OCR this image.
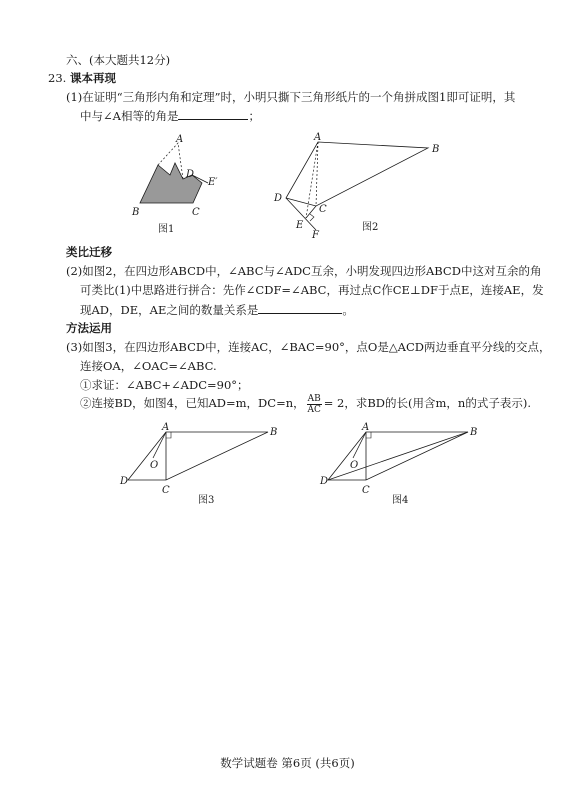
六、(本大题共12分)
23. 课本再现
(1)在证明“三角形内角和定理”时，小明只撕下三角形纸片的一个角拼成图1即可证明，其
中与∠A相等的角是	；
A
D
E′
B	C
图1
A
B
C
D
E
F
图2
类比迁移
(2)如图2，在四边形ABCD中，∠ABC与∠ADC互余，小明发现四边形ABCD中这对互余的角
可类比(1)中思路进行拼合：先作∠CDF=∠ABC，再过点C作CE⊥DF于点E，连接AE，发
现AD，DE，AE之间的数量关系是	。
方法运用
(3)如图3，在四边形ABCD中，连接AC，∠BAC=90°，点O是△ACD两边垂直平分线的交点，
连接OA，∠OAC=∠ABC.
①求证：∠ABC+∠ADC=90°；
②连接BD，如图4，已知AD=m，DC=n， $\frac{AB}{AC} = 2$，求BD的长(用含m，n的式子表示).
A	B
C
D
O
图3
A	B
C
D
O
图4
数学试题卷 第6页 (共6页)
